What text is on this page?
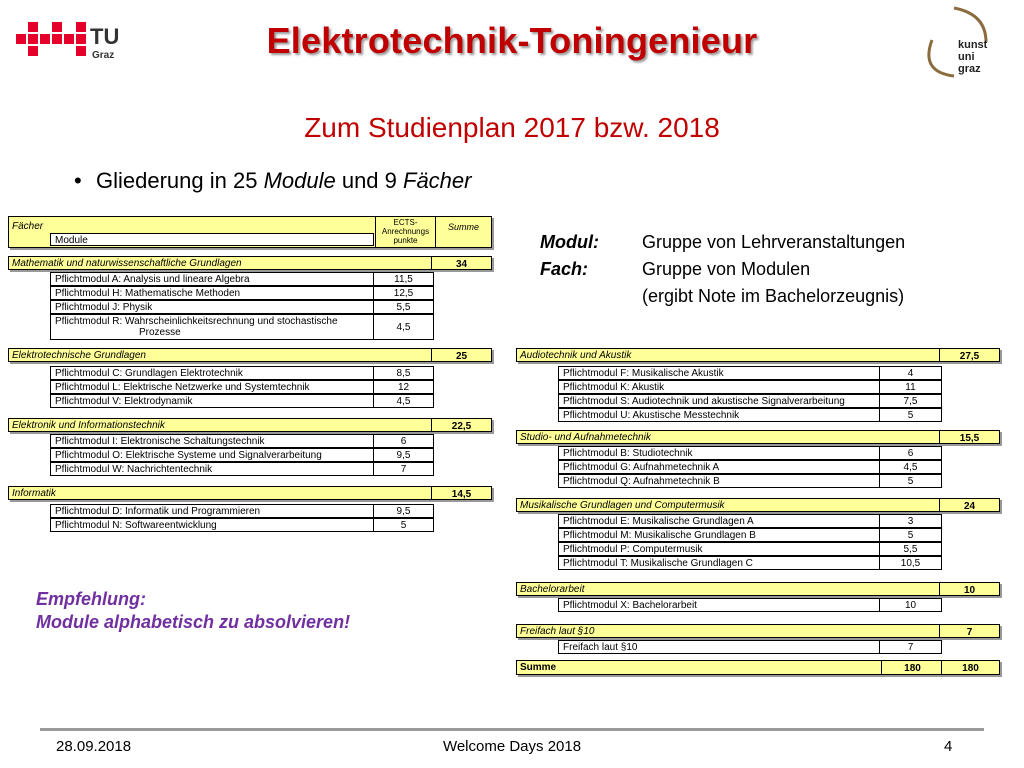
TU
Graz	Elektrotechnik-Toningenieur	kunst
uni
graz
Zum Studienplan 2017 bzw. 2018
• Gliederung in 25 Module und 9 Fächer
Modul: Gruppe von Lehrveranstaltungen
Fach:	Gruppe von Modulen
(ergibt Note im Bachelorzeugnis)
Fächer	ECTS-Anrechnungs punkte
Summe
Module
Mathematik und naturwissenschaftliche Grundlagen	34
Pflichtmodul A: Analysis und lineare Algebra	11,5
Pflichtmodul H: Mathematische Methoden	12,5
Pflichtmodul J: Physik	5,5
Pflichtmodul R: Wahrscheinlichkeitsrechnung und stochastische
Prozesse	4,5
Elektrotechnische Grundlagen	25
Pflichtmodul C: Grundlagen Elektrotechnik	8,5
Pflichtmodul L: Elektrische Netzwerke und Systemtechnik	12
Pflichtmodul V: Elektrodynamik	4,5
Elektronik und Informationstechnik	22,5
Pflichtmodul I: Elektronische Schaltungstechnik	6
Pflichtmodul O: Elektrische Systeme und Signalverarbeitung	9,5
Pflichtmodul W: Nachrichtentechnik	7
Informatik	14,5
Pflichtmodul D: Informatik und Programmieren	9,5
Pflichtmodul N: Softwareentwicklung	5
Audiotechnik und Akustik	27,5
Pflichtmodul F: Musikalische Akustik	4
Pflichtmodul K: Akustik	11
Pflichtmodul S: Audiotechnik und akustische Signalverarbeitung	7,5
Pflichtmodul U: Akustische Messtechnik	5
Studio- und Aufnahmetechnik	15,5
Pflichtmodul B: Studiotechnik	6
Pflichtmodul G: Aufnahmetechnik A	4,5
Pflichtmodul Q: Aufnahmetechnik B	5
Musikalische Grundlagen und Computermusik	24
Pflichtmodul E: Musikalische Grundlagen A	3
Pflichtmodul M: Musikalische Grundlagen B	5
Pflichtmodul P: Computermusik	5,5
Pflichtmodul T: Musikalische Grundlagen C	10,5
Bachelorarbeit	10
Pflichtmodul X: Bachelorarbeit	10
Freifach laut §10	7
Freifach laut §10	7
Summe	180	180
Empfehlung:
Module alphabetisch zu absolvieren!
28.09.2018	Welcome Days 2018	4
